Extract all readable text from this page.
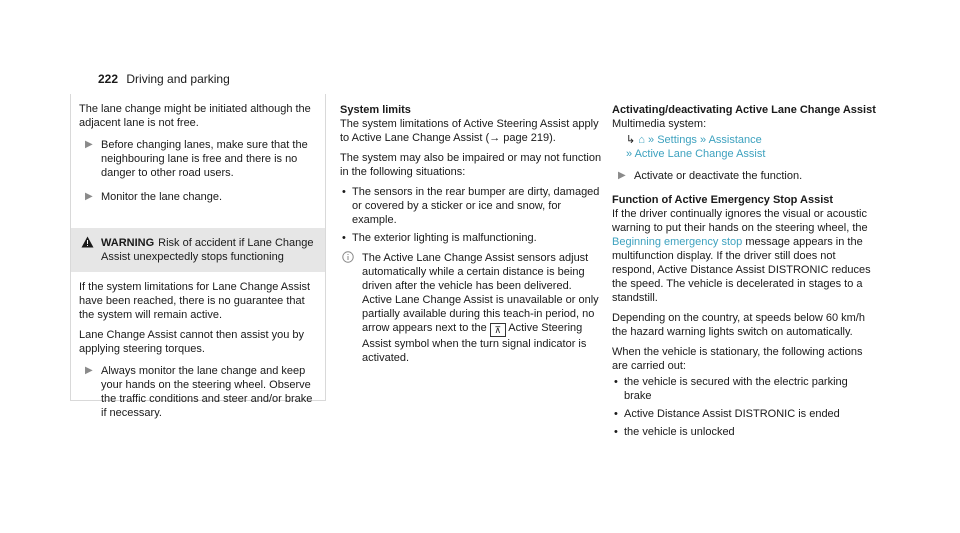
222 Driving and parking

The lane change might be initiated although the adjacent lane is not free.

▶ Before changing lanes, make sure that the neighbouring lane is free and there is no danger to other road users.
▶ Monitor the lane change.
WARNING Risk of accident if Lane Change Assist unexpectedly stops functioning

If the system limitations for Lane Change Assist have been reached, there is no guarantee that the system will remain active.

Lane Change Assist cannot then assist you by applying steering torques.

▶ Always monitor the lane change and keep your hands on the steering wheel. Observe the traffic conditions and steer and/or brake if necessary.
System limits

The system limitations of Active Steering Assist apply to Active Lane Change Assist (→ page 219).

The system may also be impaired or may not function in the following situations:

• The sensors in the rear bumper are dirty, damaged or covered by a sticker or ice and snow, for example.
• The exterior lighting is malfunctioning.
The Active Lane Change Assist sensors adjust automatically while a certain distance is being driven after the vehicle has been delivered. Active Lane Change Assist is unavailable or only partially available during this teach-in period, no arrow appears next to the ⊼ Active Steering Assist symbol when the turn signal indicator is activated.
Activating/deactivating Active Lane Change Assist

Multimedia system:

↳ ⌂ » Settings » Assistance
» Active Lane Change Assist
▶ Activate or deactivate the function.
Function of Active Emergency Stop Assist

If the driver continually ignores the visual or acoustic warning to put their hands on the steering wheel, the Beginning emergency stop message appears in the multifunction display. If the driver still does not respond, Active Distance Assist DISTRONIC reduces the speed. The vehicle is decelerated in stages to a standstill.

Depending on the country, at speeds below 60 km/h the hazard warning lights switch on automatically.

When the vehicle is stationary, the following actions are carried out:

• the vehicle is secured with the electric parking brake
• Active Distance Assist DISTRONIC is ended
• the vehicle is unlocked
